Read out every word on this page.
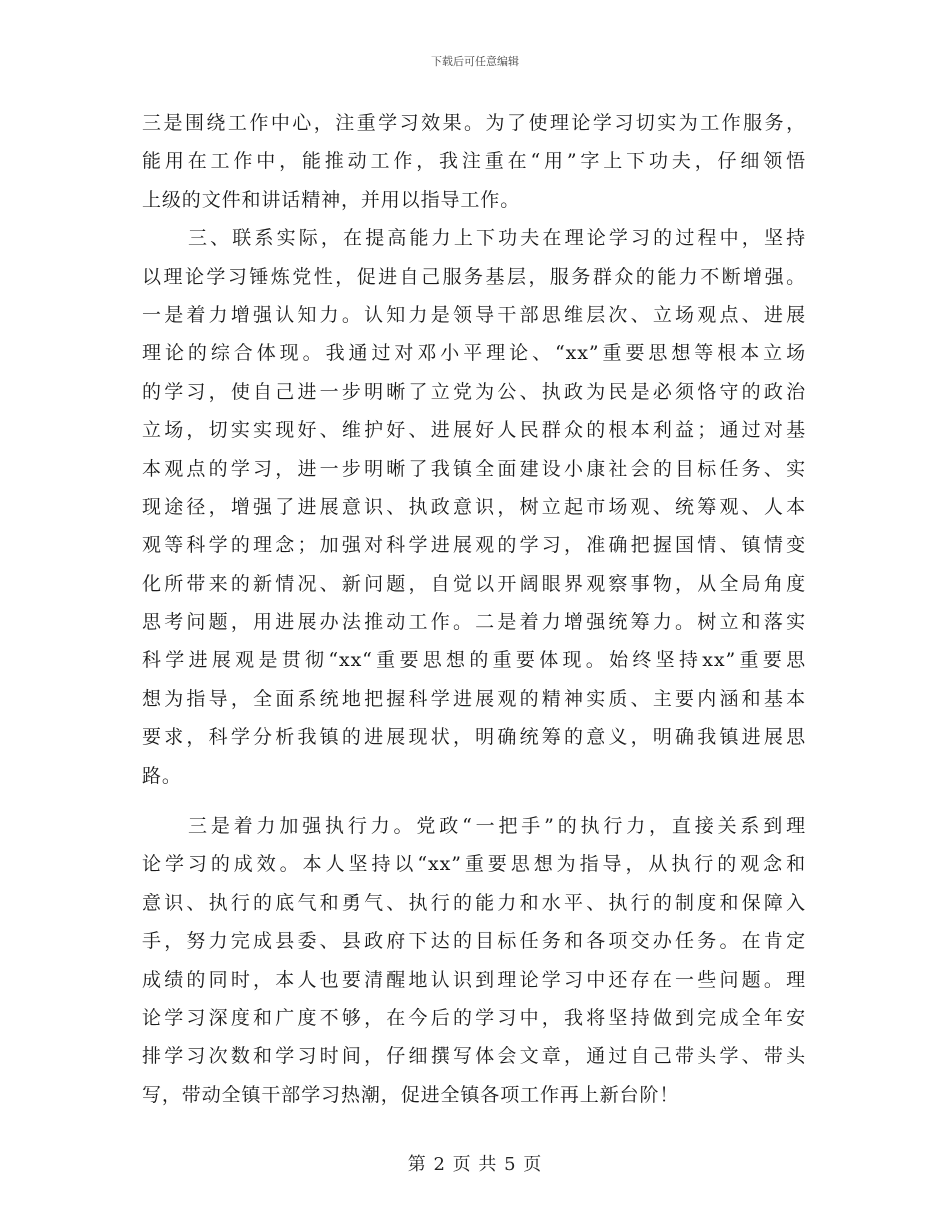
下载后可任意编辑
三是围绕工作中心，注重学习效果。为了使理论学习切实为工作服务，
能用在工作中，能推动工作，我注重在“用”字上下功夫，仔细领悟
上级的文件和讲话精神，并用以指导工作。
三、联系实际，在提高能力上下功夫在理论学习的过程中，坚持
以理论学习锤炼党性，促进自己服务基层，服务群众的能力不断增强。
一是着力增强认知力。认知力是领导干部思维层次、立场观点、进展
理论的综合体现。我通过对邓小平理论、“xx”重要思想等根本立场
的学习，使自己进一步明晰了立党为公、执政为民是必须恪守的政治
立场，切实实现好、维护好、进展好人民群众的根本利益；通过对基
本观点的学习，进一步明晰了我镇全面建设小康社会的目标任务、实
现途径，增强了进展意识、执政意识，树立起市场观、统筹观、人本
观等科学的理念；加强对科学进展观的学习，准确把握国情、镇情变
化所带来的新情况、新问题，自觉以开阔眼界观察事物，从全局角度
思考问题，用进展办法推动工作。二是着力增强统筹力。树立和落实
科学进展观是贯彻“xx“重要思想的重要体现。始终坚持xx”重要思
想为指导，全面系统地把握科学进展观的精神实质、主要内涵和基本
要求，科学分析我镇的进展现状，明确统筹的意义，明确我镇进展思
路。
三是着力加强执行力。党政“一把手”的执行力，直接关系到理
论学习的成效。本人坚持以“xx”重要思想为指导，从执行的观念和
意识、执行的底气和勇气、执行的能力和水平、执行的制度和保障入
手，努力完成县委、县政府下达的目标任务和各项交办任务。在肯定
成绩的同时，本人也要清醒地认识到理论学习中还存在一些问题。理
论学习深度和广度不够，在今后的学习中，我将坚持做到完成全年安
排学习次数和学习时间，仔细撰写体会文章，通过自己带头学、带头
写，带动全镇干部学习热潮，促进全镇各项工作再上新台阶！
第 2 页 共 5 页
